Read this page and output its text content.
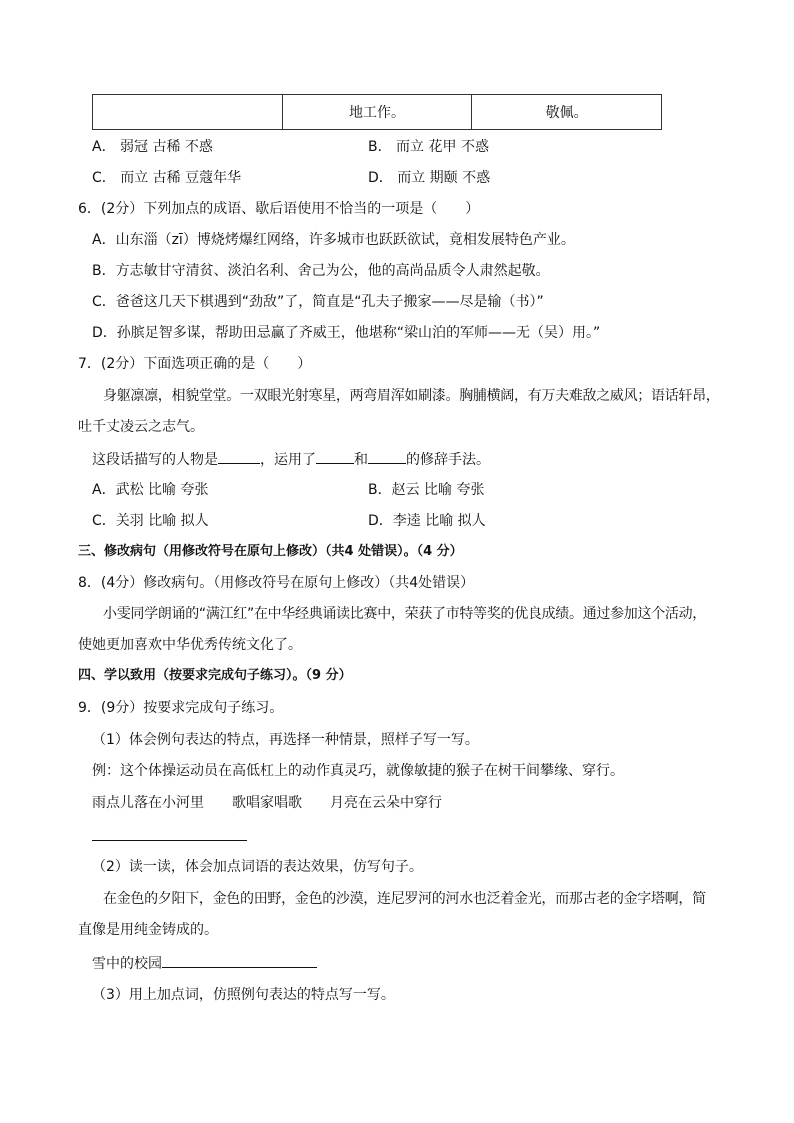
	地工作。	敬佩。
A． 弱冠 古稀 不惑	B． 而立 花甲 不惑
C． 而立 古稀 豆蔻年华	D． 而立 期颐 不惑
6．(2分）下列加点的成语、歇后语使用不恰当的一项是（　　）
A．山东淄（zī）博烧烤爆红网络，许多城市也跃跃欲试，竟相发展特色产业。
B．方志敏甘守清贫、淡泊名利、舍己为公，他的高尚品质令人肃然起敬。
C．爸爸这几天下棋遇到“劲敌”了，简直是“孔夫子搬家——尽是输（书）”
D．孙膑足智多谋，帮助田忌赢了齐威王，他堪称“梁山泊的军师——无（吴）用。”
7．(2分）下面选项正确的是（　　）
身躯凛凛，相貌堂堂。一双眼光射寒星，两弯眉浑如刷漆。胸脯横阔，有万夫难敌之威风；语话轩昂，
吐千丈凌云之志气。
这段话描写的人物是	，运用了	和	的修辞手法。
A．武松 比喻 夸张	B．赵云 比喻 夸张
C．关羽 比喻 拟人	D．李逵 比喻 拟人
三、修改病句（用修改符号在原句上修改）（共4 处错误）。（4 分）
8．(4分）修改病句。（用修改符号在原句上修改）（共4处错误）
小雯同学朗诵的“满江红”在中华经典诵读比赛中，荣获了市特等奖的优良成绩。通过参加这个活动，
使她更加喜欢中华优秀传统文化了。
四、学以致用（按要求完成句子练习）。（9 分）
9．(9分）按要求完成句子练习。
（1）体会例句表达的特点，再选择一种情景，照样子写一写。
例：这个体操运动员在高低杠上的动作真灵巧，就像敏捷的猴子在树干间攀缘、穿行。
雨点儿落在小河里　　歌唱家唱歌　　月亮在云朵中穿行
（2）读一读，体会加点词语的表达效果，仿写句子。
在金色的夕阳下，金色的田野，金色的沙漠，连尼罗河的河水也泛着金光，而那古老的金字塔啊，简
直像是用纯金铸成的。
雪中的校园
（3）用上加点词，仿照例句表达的特点写一写。
